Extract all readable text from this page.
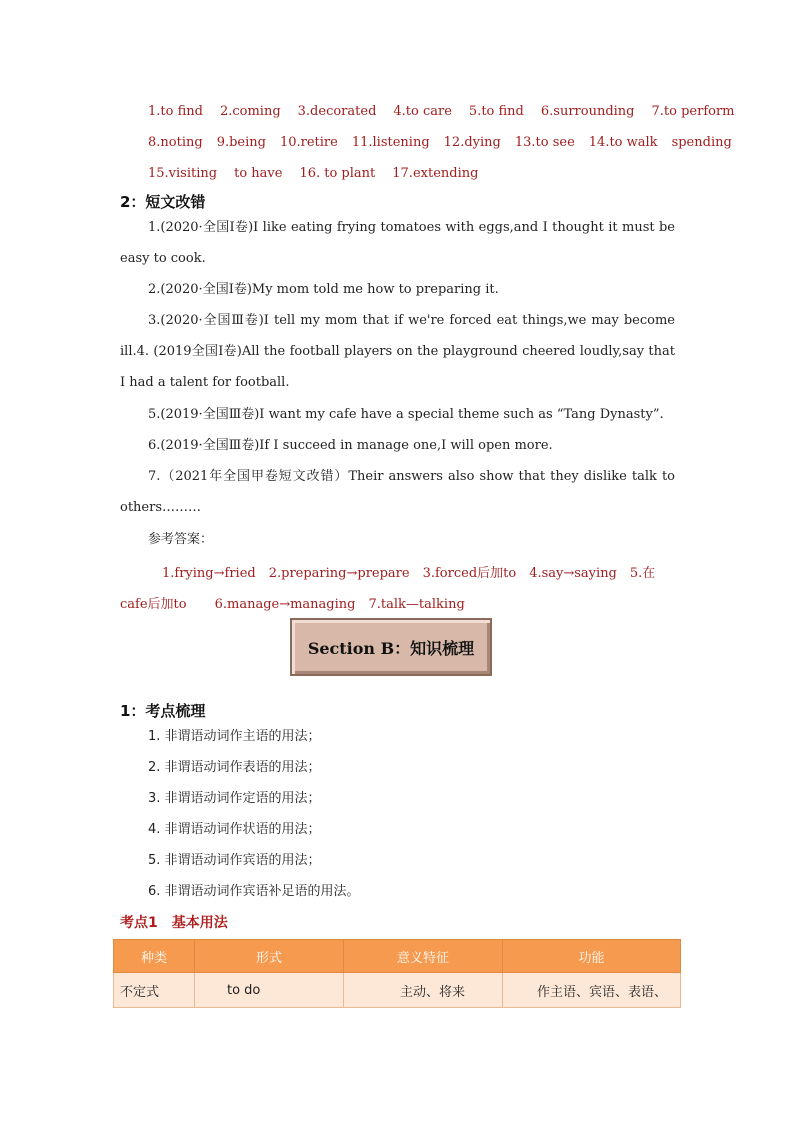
1.to find 2.coming 3.decorated 4.to care 5.to find 6.surrounding 7.to perform
8.noting 9.being 10.retire 11.listening 12.dying 13.to see 14.to walk spending
15.visiting to have 16. to plant 17.extending
2：短文改错
1.(2020·全国Ⅰ卷)I like eating frying tomatoes with eggs,and I thought it must be easy to cook.
2.(2020·全国Ⅰ卷)My mom told me how to preparing it.
3.(2020·全国Ⅲ卷)I tell my mom that if we're forced eat things,we may become ill.4. (2019全国Ⅰ卷)All the football players on the playground cheered loudly,say that I had a talent for football.
5.(2019·全国Ⅲ卷)I want my cafe have a special theme such as “Tang Dynasty”.
6.(2019·全国Ⅲ卷)If I succeed in manage one,I will open more.
7.（2021年全国甲卷短文改错）Their answers also show that they dislike talk to others………
参考答案：
1.frying→fried 2.preparing→prepare 3.forced后加to 4.say→saying 5.在cafe后加to 6.manage→managing 7.talk—talking
Section B：知识梳理
1：考点梳理
1. 非谓语动词作主语的用法；
2. 非谓语动词作表语的用法；
3. 非谓语动词作定语的用法；
4. 非谓语动词作状语的用法；
5. 非谓语动词作宾语的用法；
6. 非谓语动词作宾语补足语的用法。
考点1　基本用法
种类	形式	意义特征	功能
不定式	to do	主动、将来	作主语、宾语、表语、
